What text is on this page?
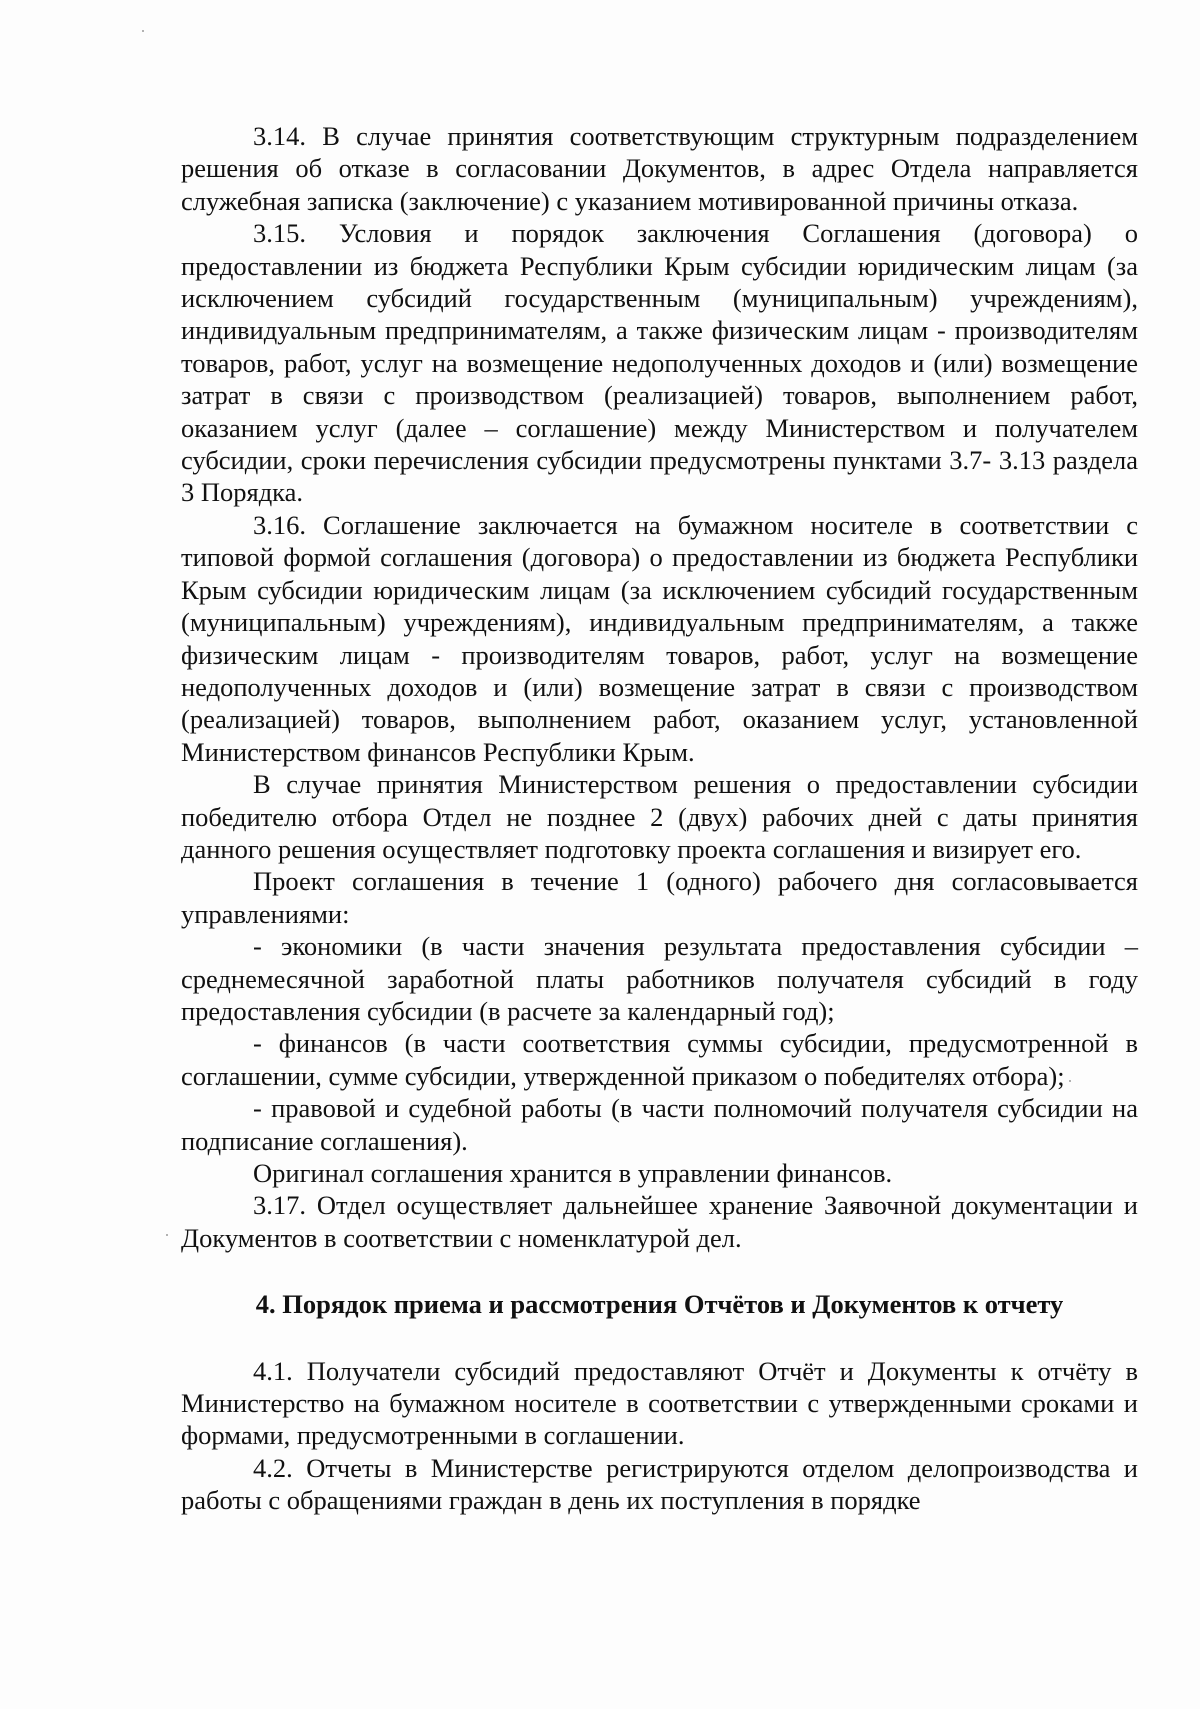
3.14. В случае принятия соответствующим структурным подразделением решения об отказе в согласовании Документов, в адрес Отдела направляется служебная записка (заключение) с указанием мотивированной причины отказа.

3.15. Условия и порядок заключения Соглашения (договора) о предоставлении из бюджета Республики Крым субсидии юридическим лицам (за исключением субсидий государственным (муниципальным) учреждениям), индивидуальным предпринимателям, а также физическим лицам - производителям товаров, работ, услуг на возмещение недополученных доходов и (или) возмещение затрат в связи с производством (реализацией) товаров, выполнением работ, оказанием услуг (далее – соглашение) между Министерством и получателем субсидии, сроки перечисления субсидии предусмотрены пунктами 3.7- 3.13 раздела 3 Порядка.

3.16. Соглашение заключается на бумажном носителе в соответствии с типовой формой соглашения (договора) о предоставлении из бюджета Республики Крым субсидии юридическим лицам (за исключением субсидий государственным (муниципальным) учреждениям), индивидуальным предпринимателям, а также физическим лицам - производителям товаров, работ, услуг на возмещение недополученных доходов и (или) возмещение затрат в связи с производством (реализацией) товаров, выполнением работ, оказанием услуг, установленной Министерством финансов Республики Крым.

В случае принятия Министерством решения о предоставлении субсидии победителю отбора Отдел не позднее 2 (двух) рабочих дней с даты принятия данного решения осуществляет подготовку проекта соглашения и визирует его.

Проект соглашения в течение 1 (одного) рабочего дня согласовывается управлениями:

- экономики (в части значения результата предоставления субсидии – среднемесячной заработной платы работников получателя субсидий в году предоставления субсидии (в расчете за календарный год);

- финансов (в части соответствия суммы субсидии, предусмотренной в соглашении, сумме субсидии, утвержденной приказом о победителях отбора);

- правовой и судебной работы (в части полномочий получателя субсидии на подписание соглашения).

Оригинал соглашения хранится в управлении финансов.

3.17. Отдел осуществляет дальнейшее хранение Заявочной документации и Документов в соответствии с номенклатурой дел.

4. Порядок приема и рассмотрения Отчётов и Документов к отчету

4.1. Получатели субсидий предоставляют Отчёт и Документы к отчёту в Министерство на бумажном носителе в соответствии с утвержденными сроками и формами, предусмотренными в соглашении.

4.2. Отчеты в Министерстве регистрируются отделом делопроизводства и работы с обращениями граждан в день их поступления в порядке
